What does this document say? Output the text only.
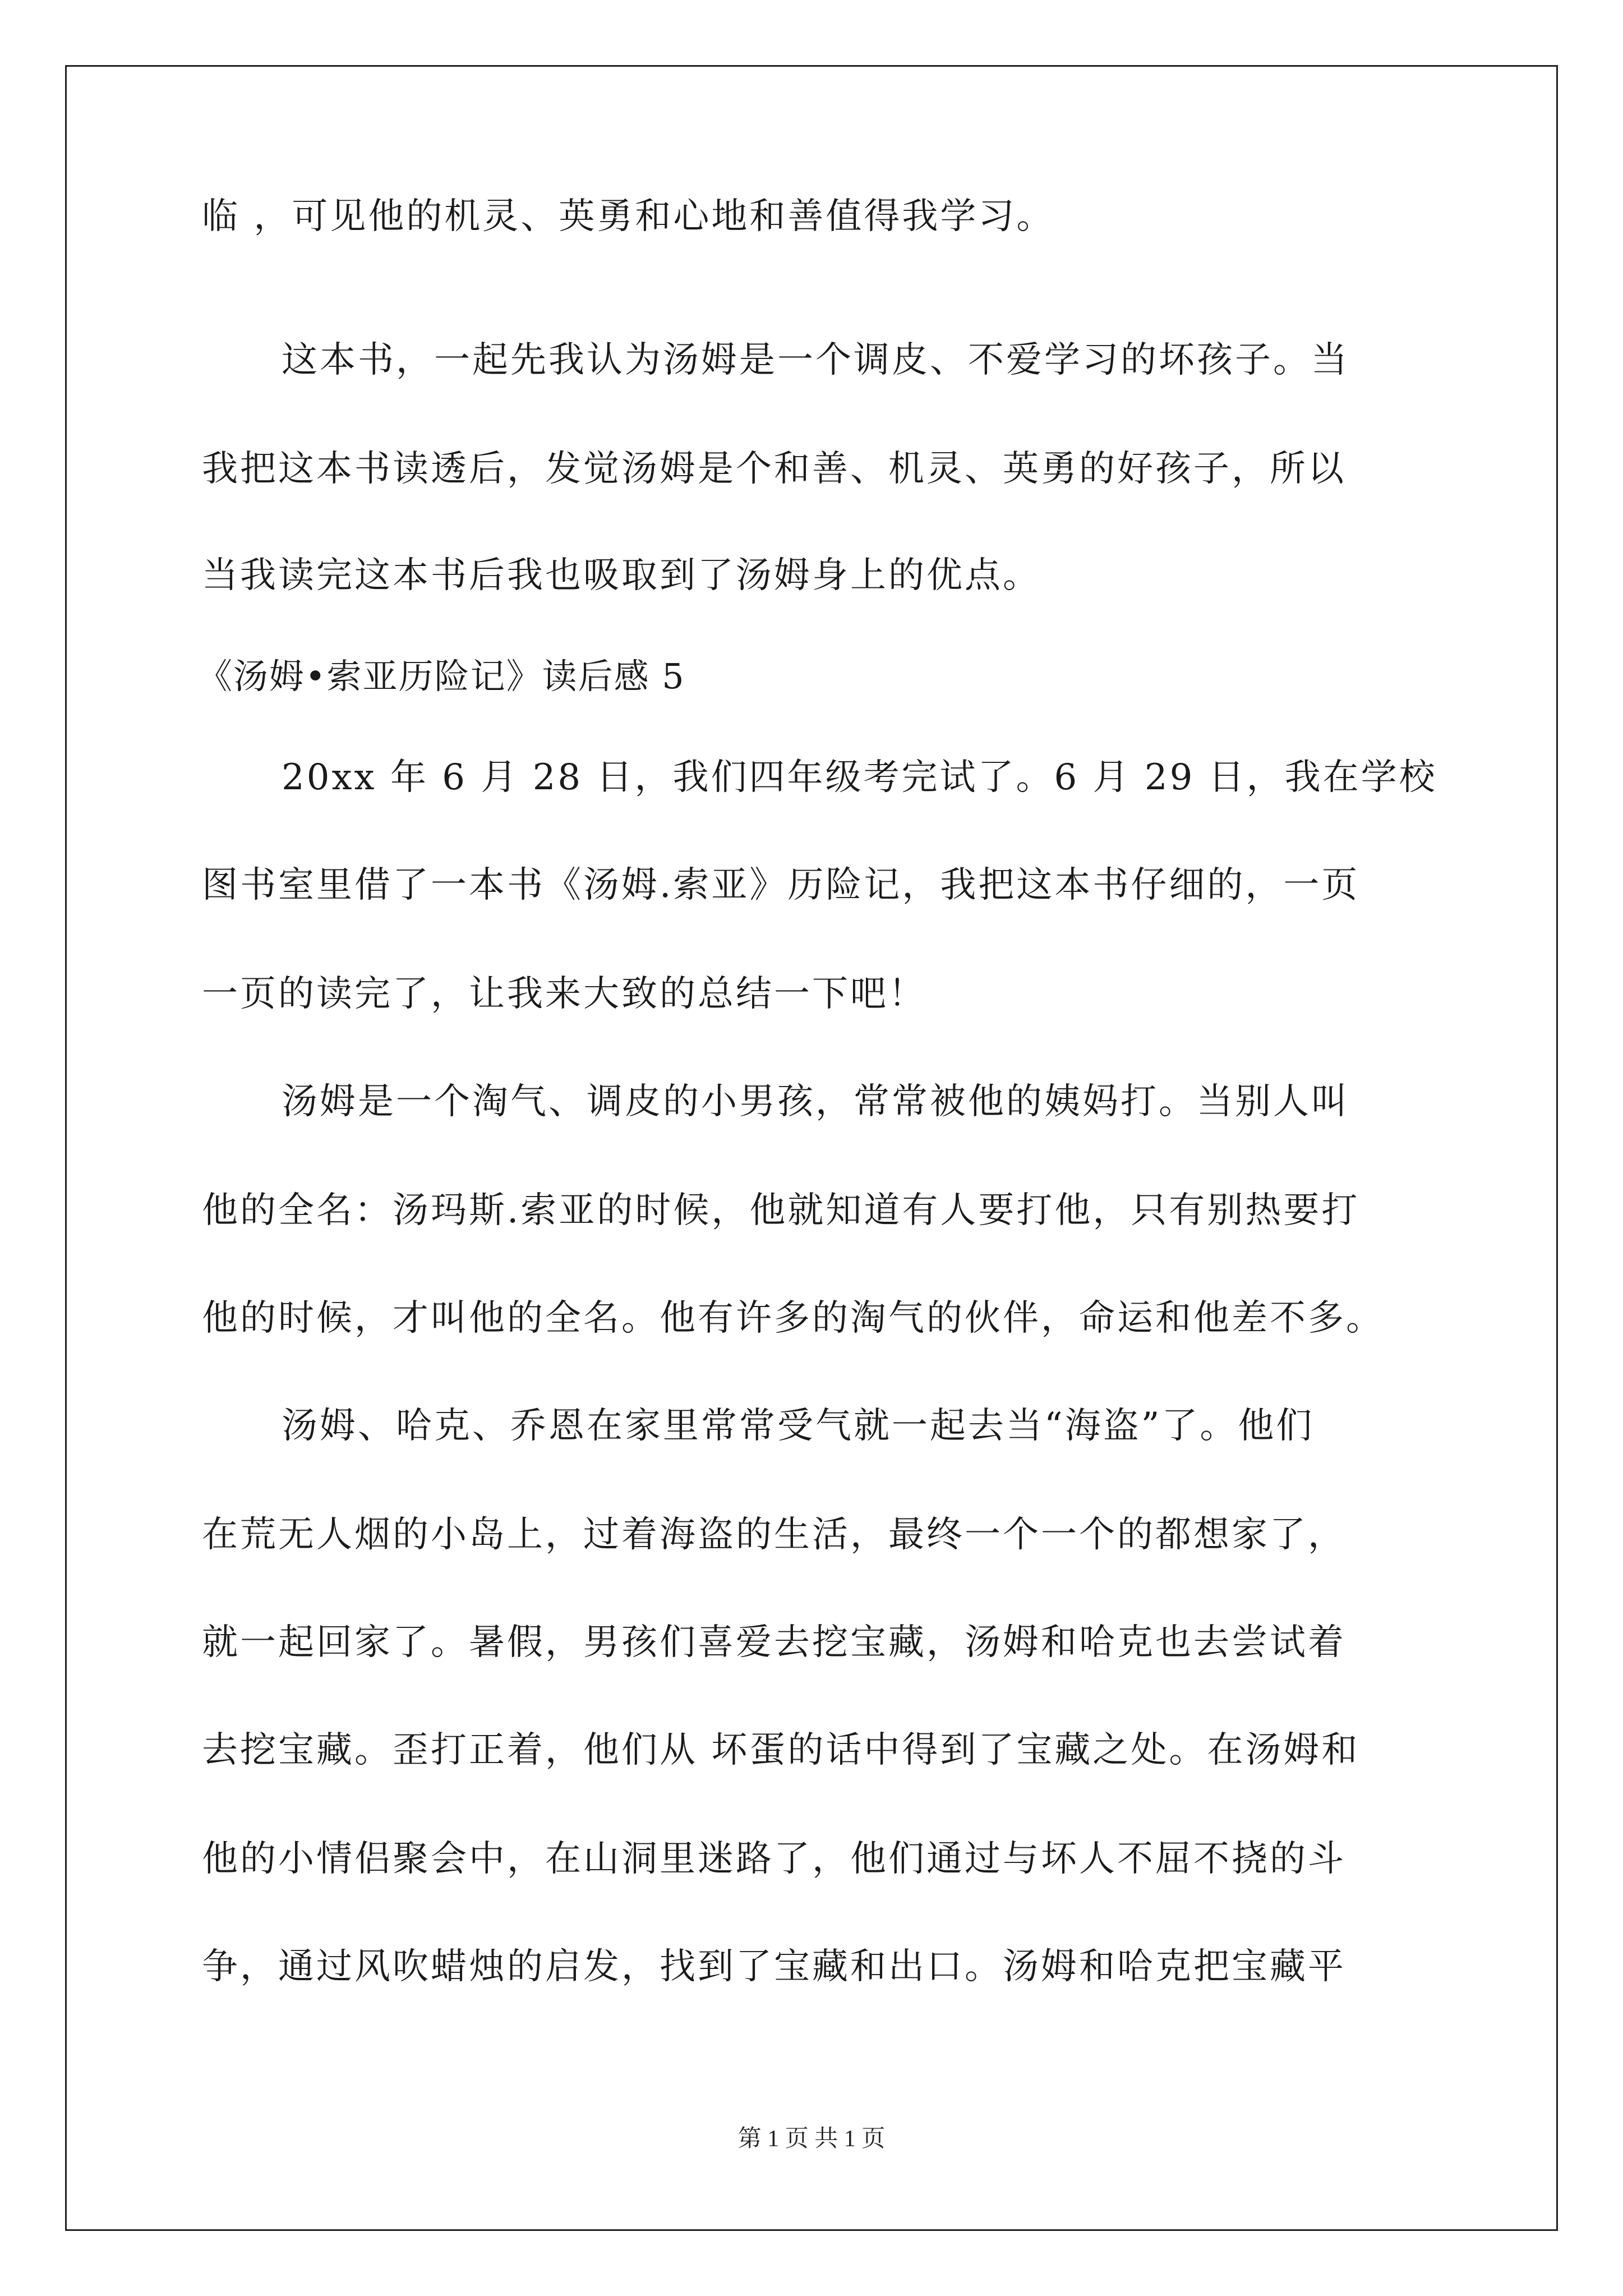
临 ，可见他的机灵、英勇和心地和善值得我学习。
这本书，一起先我认为汤姆是一个调皮、不爱学习的坏孩子。当
我把这本书读透后，发觉汤姆是个和善、机灵、英勇的好孩子，所以
当我读完这本书后我也吸取到了汤姆身上的优点。
《汤姆•索亚历险记》读后感 5
20xx 年 6 月 28 日，我们四年级考完试了。6 月 29 日，我在学校
图书室里借了一本书《汤姆.索亚》历险记，我把这本书仔细的，一页
一页的读完了，让我来大致的总结一下吧！
汤姆是一个淘气、调皮的小男孩，常常被他的姨妈打。当别人叫
他的全名：汤玛斯.索亚的时候，他就知道有人要打他，只有别热要打
他的时候，才叫他的全名。他有许多的淘气的伙伴，命运和他差不多。
汤姆、哈克、乔恩在家里常常受气就一起去当“海盗”了。他们
在荒无人烟的小岛上，过着海盗的生活，最终一个一个的都想家了，
就一起回家了。暑假，男孩们喜爱去挖宝藏，汤姆和哈克也去尝试着
去挖宝藏。歪打正着，他们从 坏蛋的话中得到了宝藏之处。在汤姆和
他的小情侣聚会中，在山洞里迷路了，他们通过与坏人不屈不挠的斗
争，通过风吹蜡烛的启发，找到了宝藏和出口。汤姆和哈克把宝藏平
第 1 页 共 1 页
